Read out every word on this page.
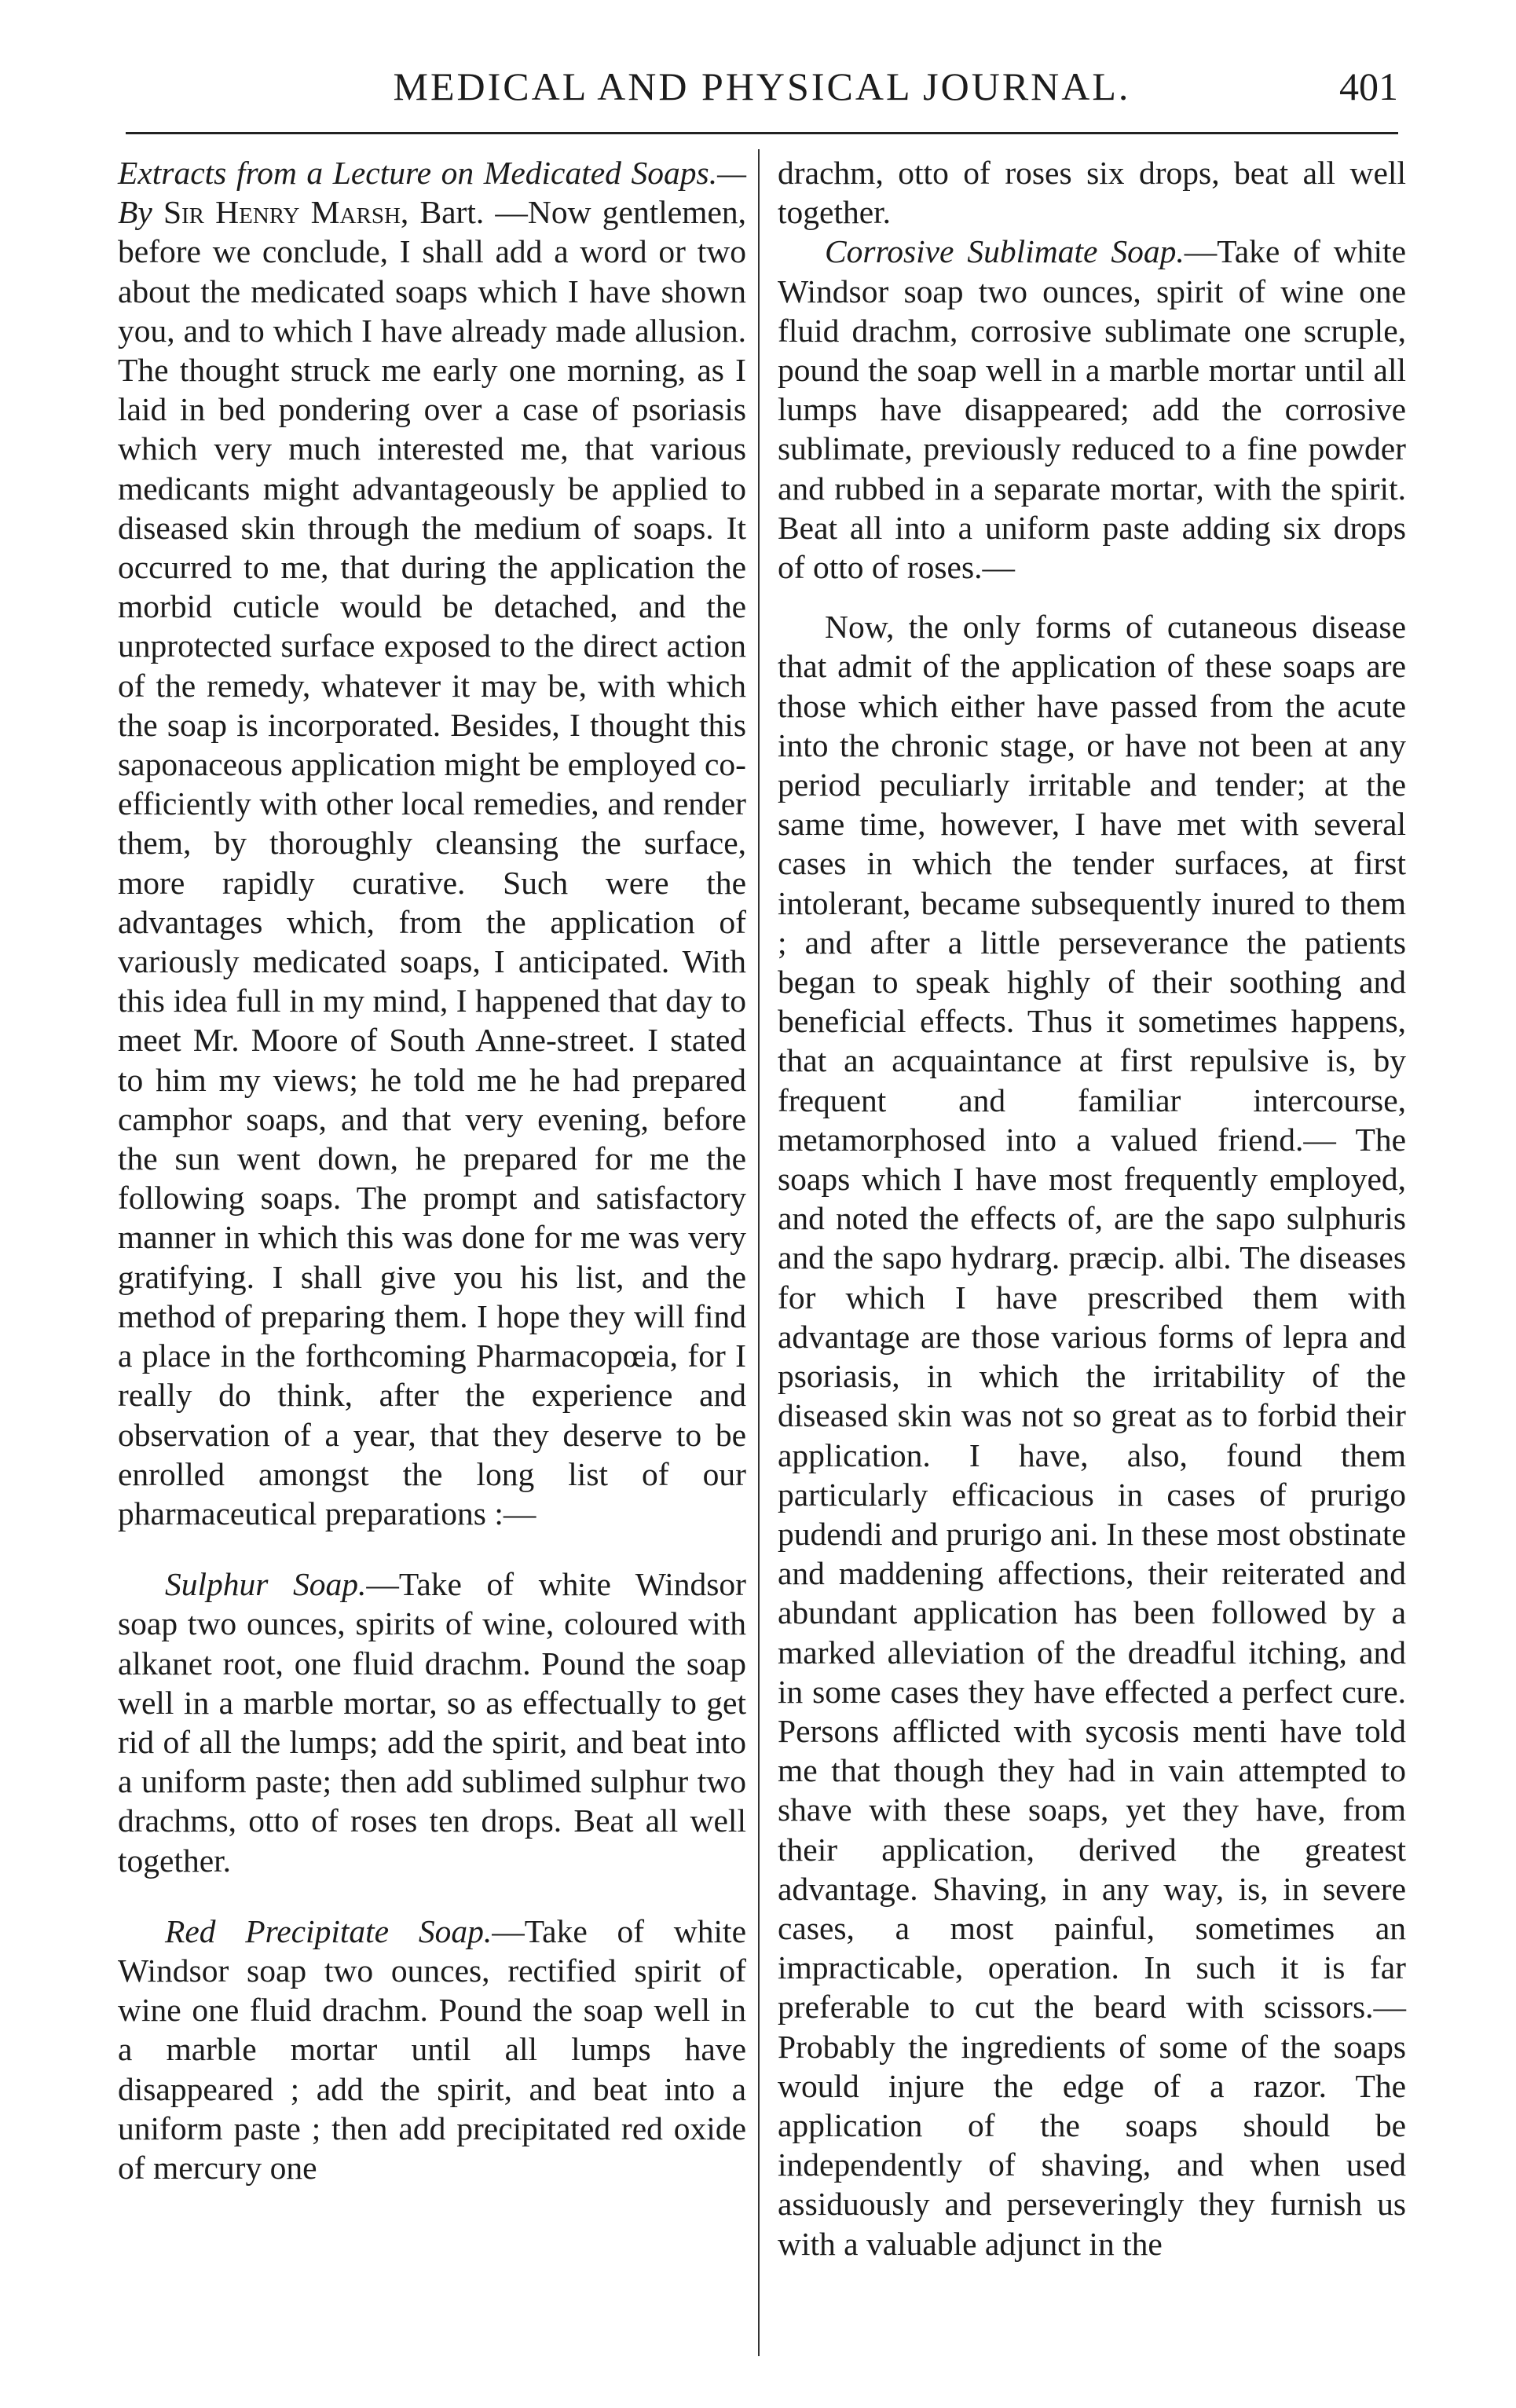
MEDICAL AND PHYSICAL JOURNAL.	401

Extracts from a Lecture on Medicated Soaps.—By Sir Henry Marsh, Bart. —Now gentlemen, before we conclude, I shall add a word or two about the medicated soaps which I have shown you, and to which I have already made allusion. The thought struck me early one morning, as I laid in bed pondering over a case of psoriasis which very much interested me, that various medicants might advantageously be applied to diseased skin through the medium of soaps. It occurred to me, that during the application the morbid cuticle would be detached, and the unprotected surface exposed to the direct action of the remedy, whatever it may be, with which the soap is incorporated. Besides, I thought this saponaceous application might be employed co-efficiently with other local remedies, and render them, by thoroughly cleansing the surface, more rapidly curative. Such were the advantages which, from the application of variously medicated soaps, I anticipated. With this idea full in my mind, I happened that day to meet Mr. Moore of South Anne-street. I stated to him my views; he told me he had prepared camphor soaps, and that very evening, before the sun went down, he prepared for me the following soaps. The prompt and satisfactory manner in which this was done for me was very gratifying. I shall give you his list, and the method of preparing them. I hope they will find a place in the forthcoming Pharmacopœia, for I really do think, after the experience and observation of a year, that they deserve to be enrolled amongst the long list of our pharmaceutical preparations :—

Sulphur Soap.—Take of white Windsor soap two ounces, spirits of wine, coloured with alkanet root, one fluid drachm. Pound the soap well in a marble mortar, so as effectually to get rid of all the lumps; add the spirit, and beat into a uniform paste; then add sublimed sulphur two drachms, otto of roses ten drops. Beat all well together.

Red Precipitate Soap.—Take of white Windsor soap two ounces, rectified spirit of wine one fluid drachm. Pound the soap well in a marble mortar until all lumps have disappeared ; add the spirit, and beat into a uniform paste ; then add precipitated red oxide of mercury one

drachm, otto of roses six drops, beat all well together.

Corrosive Sublimate Soap.—Take of white Windsor soap two ounces, spirit of wine one fluid drachm, corrosive sublimate one scruple, pound the soap well in a marble mortar until all lumps have disappeared; add the corrosive sublimate, previously reduced to a fine powder and rubbed in a separate mortar, with the spirit. Beat all into a uniform paste adding six drops of otto of roses.—

Now, the only forms of cutaneous disease that admit of the application of these soaps are those which either have passed from the acute into the chronic stage, or have not been at any period peculiarly irritable and tender; at the same time, however, I have met with several cases in which the tender surfaces, at first intolerant, became subsequently inured to them ; and after a little perseverance the patients began to speak highly of their soothing and beneficial effects. Thus it sometimes happens, that an acquaintance at first repulsive is, by frequent and familiar intercourse, metamorphosed into a valued friend.— The soaps which I have most frequently employed, and noted the effects of, are the sapo sulphuris and the sapo hydrarg. præcip. albi. The diseases for which I have prescribed them with advantage are those various forms of lepra and psoriasis, in which the irritability of the diseased skin was not so great as to forbid their application. I have, also, found them particularly efficacious in cases of prurigo pudendi and prurigo ani. In these most obstinate and maddening affections, their reiterated and abundant application has been followed by a marked alleviation of the dreadful itching, and in some cases they have effected a perfect cure. Persons afflicted with sycosis menti have told me that though they had in vain attempted to shave with these soaps, yet they have, from their application, derived the greatest advantage. Shaving, in any way, is, in severe cases, a most painful, sometimes an impracticable, operation. In such it is far preferable to cut the beard with scissors.— Probably the ingredients of some of the soaps would injure the edge of a razor. The application of the soaps should be independently of shaving, and when used assiduously and perseveringly they furnish us with a valuable adjunct in the
